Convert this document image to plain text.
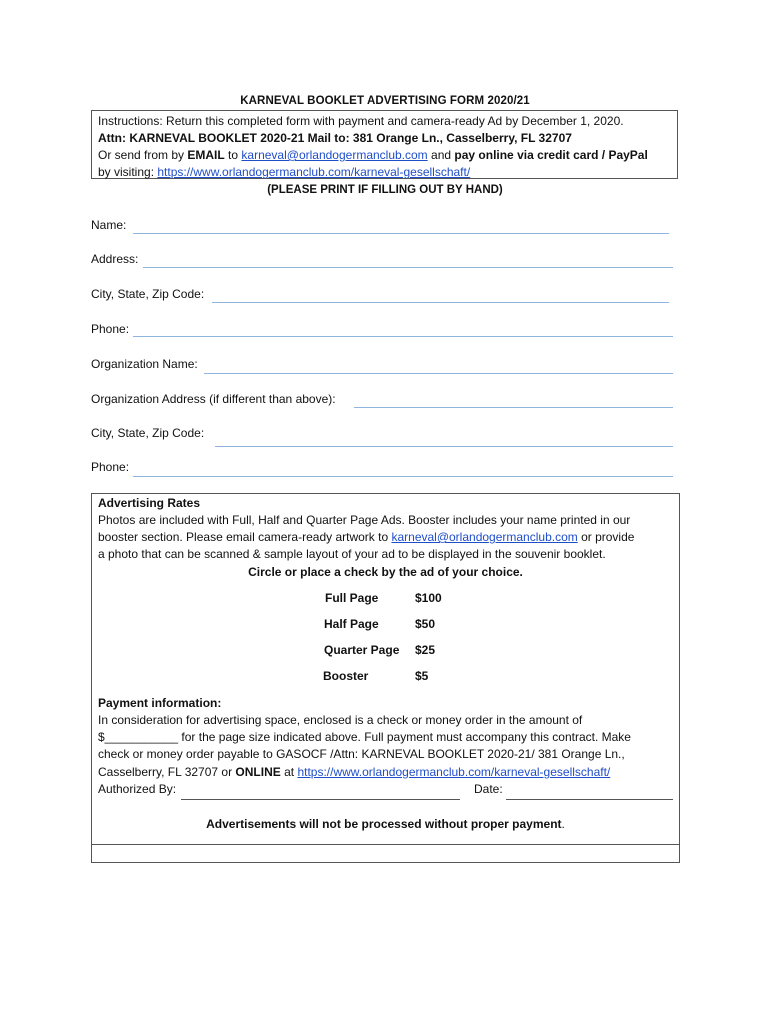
KARNEVAL BOOKLET ADVERTISING FORM 2020/21
Instructions: Return this completed form with payment and camera-ready Ad by December 1, 2020.
Attn: KARNEVAL BOOKLET 2020-21 Mail to: 381 Orange Ln., Casselberry, FL 32707
Or send from by EMAIL to karneval@orlandogermanclub.com and pay online via credit card / PayPal
by visiting: https://www.orlandogermanclub.com/karneval-gesellschaft/
(PLEASE PRINT IF FILLING OUT BY HAND)
Name:
Address:
City, State, Zip Code:
Phone:
Organization Name:
Organization Address (if different than above):
City, State, Zip Code:
Phone:
Advertising Rates
Photos are included with Full, Half and Quarter Page Ads. Booster includes your name printed in our
booster section. Please email camera-ready artwork to karneval@orlandogermanclub.com or provide
a photo that can be scanned & sample layout of your ad to be displayed in the souvenir booklet.
Circle or place a check by the ad of your choice.
Full Page	$100
Half Page	$50
Quarter Page $25
Booster	$5
Payment information:
In consideration for advertising space, enclosed is a check or money order in the amount of
$___________ for the page size indicated above. Full payment must accompany this contract. Make
check or money order payable to GASOCF /Attn: KARNEVAL BOOKLET 2020-21/ 381 Orange Ln.,
Casselberry, FL 32707 or ONLINE at https://www.orlandogermanclub.com/karneval-gesellschaft/
Authorized By:	Date:
Advertisements will not be processed without proper payment.
